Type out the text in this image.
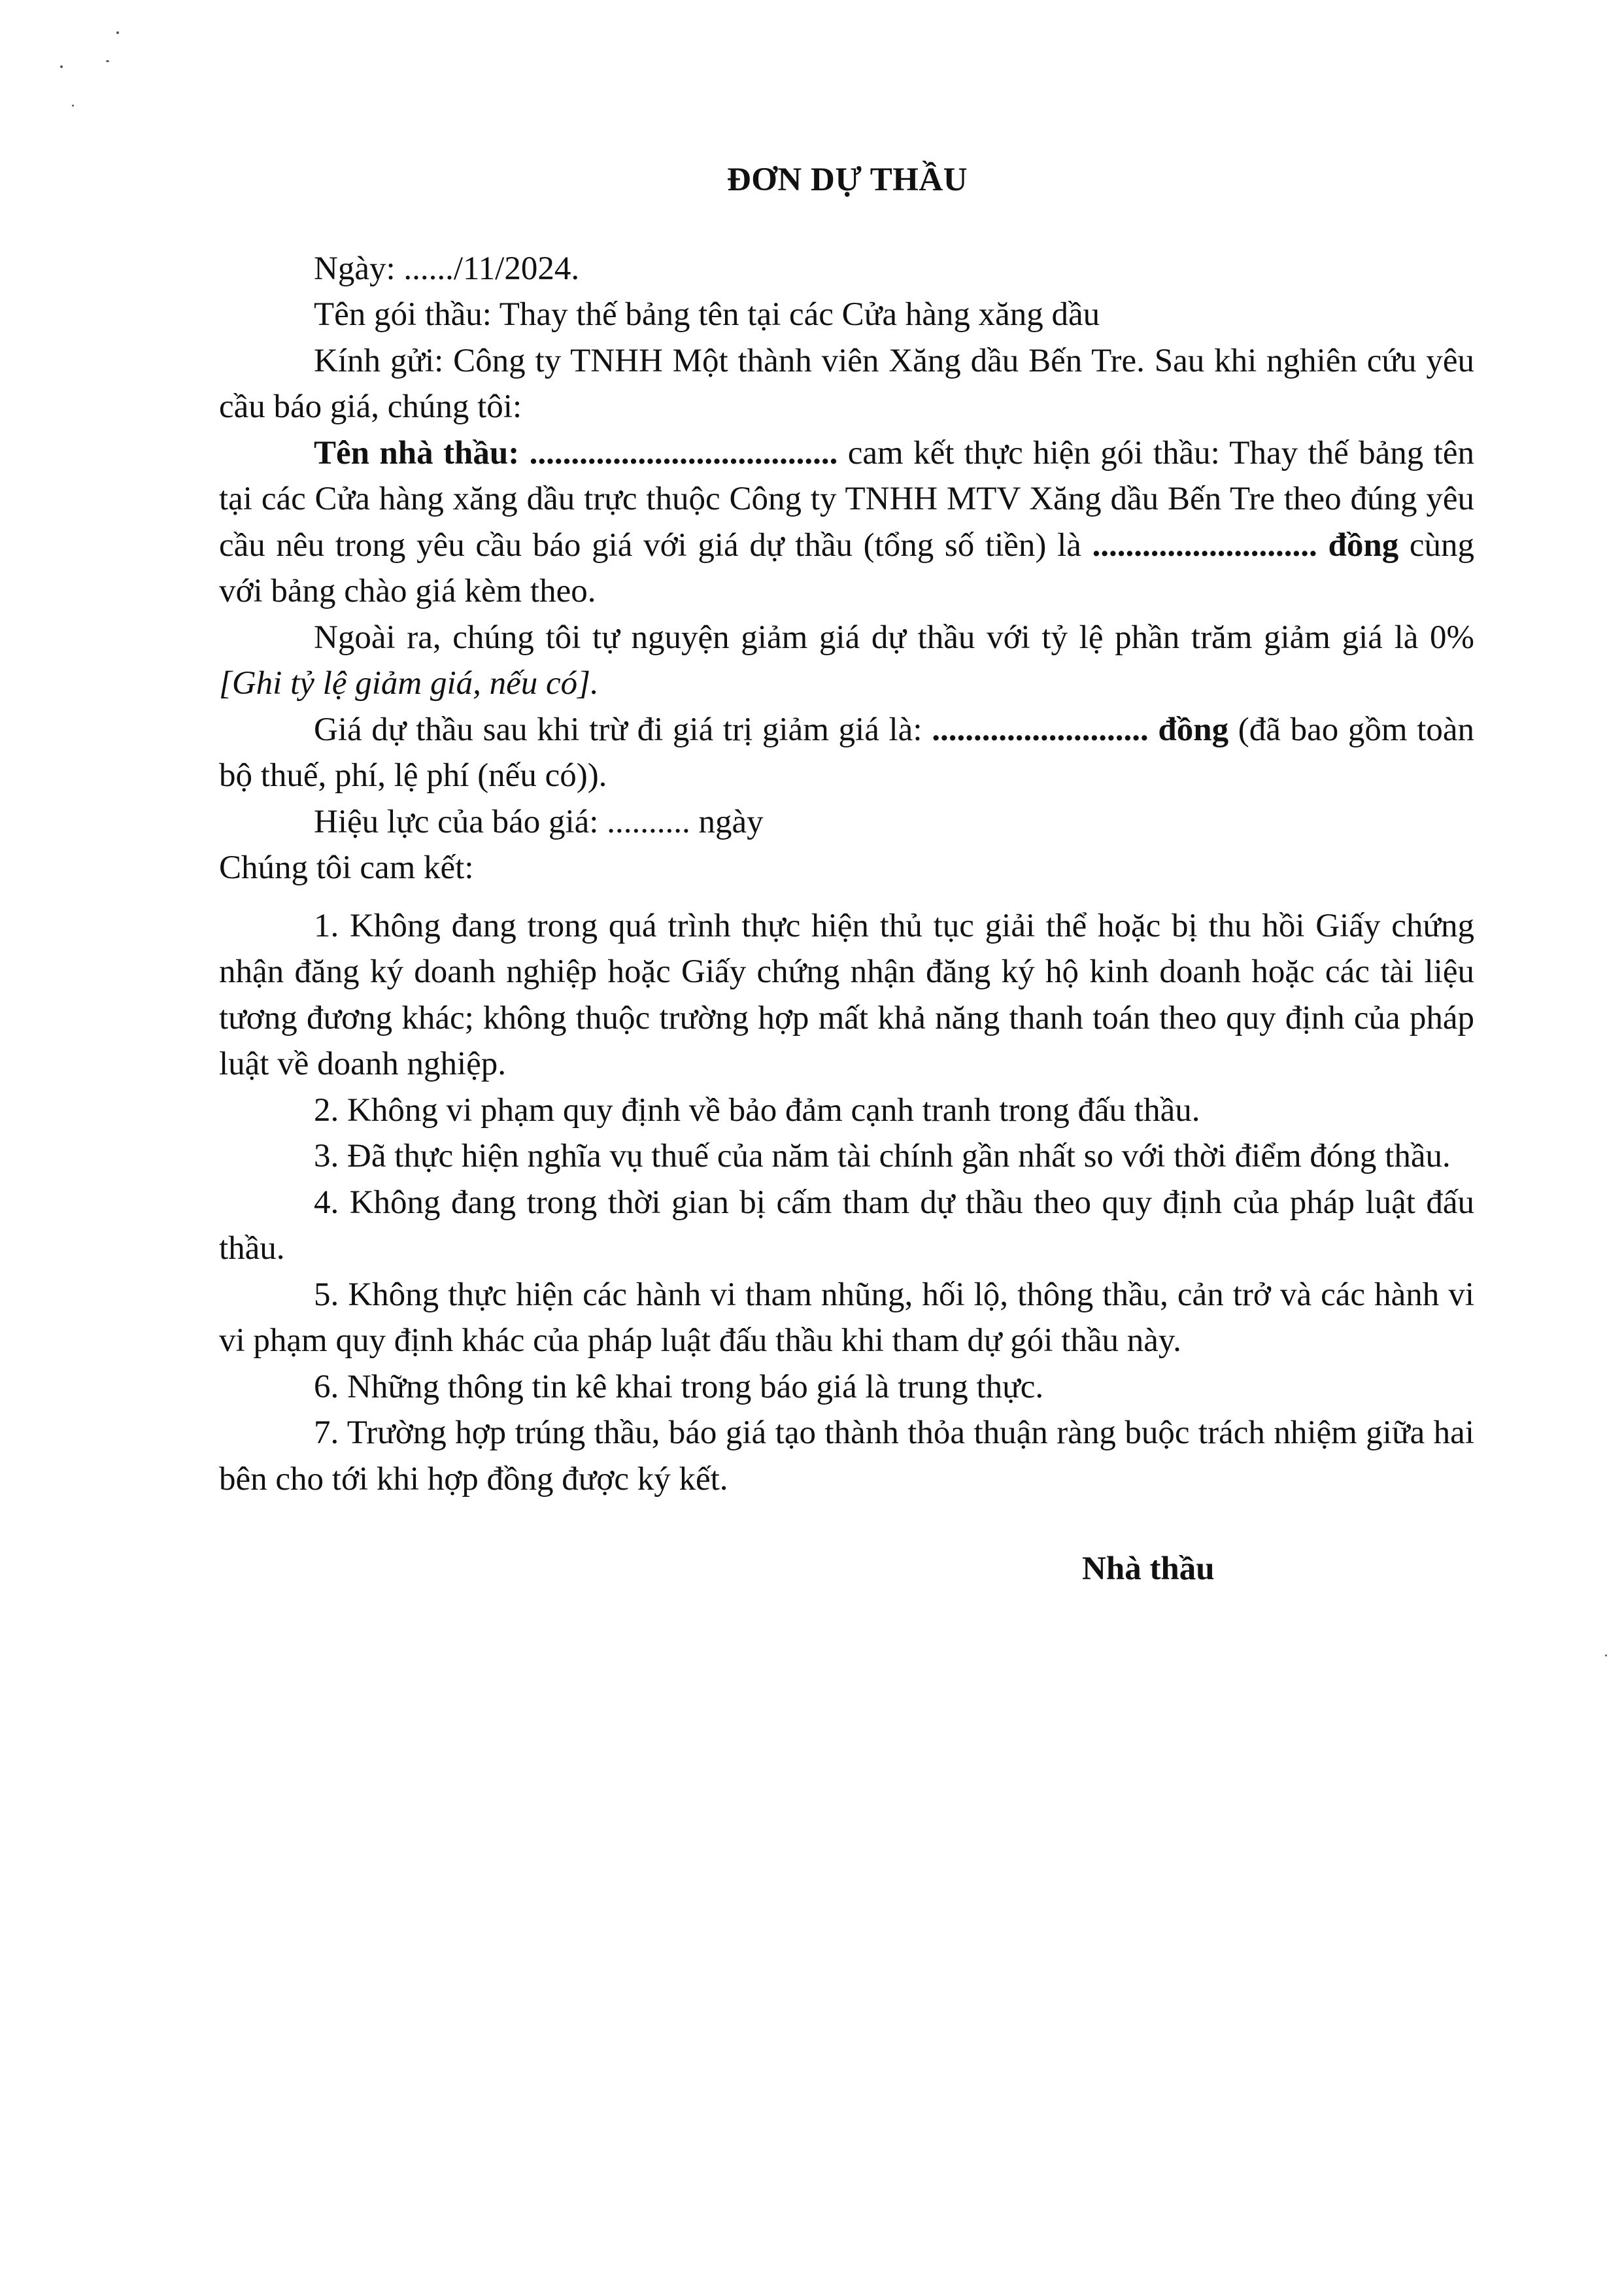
ĐƠN DỰ THẦU

Ngày: ....../11/2024.

Tên gói thầu: Thay thế bảng tên tại các Cửa hàng xăng dầu

Kính gửi: Công ty TNHH Một thành viên Xăng dầu Bến Tre. Sau khi nghiên cứu yêu cầu báo giá, chúng tôi:

Tên nhà thầu: ..................................... cam kết thực hiện gói thầu: Thay thế bảng tên tại các Cửa hàng xăng dầu trực thuộc Công ty TNHH MTV Xăng dầu Bến Tre theo đúng yêu cầu nêu trong yêu cầu báo giá với giá dự thầu (tổng số tiền) là ........................... đồng cùng với bảng chào giá kèm theo.

Ngoài ra, chúng tôi tự nguyện giảm giá dự thầu với tỷ lệ phần trăm giảm giá là 0% [Ghi tỷ lệ giảm giá, nếu có].

Giá dự thầu sau khi trừ đi giá trị giảm giá là: .......................... đồng (đã bao gồm toàn bộ thuế, phí, lệ phí (nếu có)).

Hiệu lực của báo giá: .......... ngày

Chúng tôi cam kết:

1. Không đang trong quá trình thực hiện thủ tục giải thể hoặc bị thu hồi Giấy chứng nhận đăng ký doanh nghiệp hoặc Giấy chứng nhận đăng ký hộ kinh doanh hoặc các tài liệu tương đương khác; không thuộc trường hợp mất khả năng thanh toán theo quy định của pháp luật về doanh nghiệp.

2. Không vi phạm quy định về bảo đảm cạnh tranh trong đấu thầu.

3. Đã thực hiện nghĩa vụ thuế của năm tài chính gần nhất so với thời điểm đóng thầu.

4. Không đang trong thời gian bị cấm tham dự thầu theo quy định của pháp luật đấu thầu.

5. Không thực hiện các hành vi tham nhũng, hối lộ, thông thầu, cản trở và các hành vi vi phạm quy định khác của pháp luật đấu thầu khi tham dự gói thầu này.

6. Những thông tin kê khai trong báo giá là trung thực.

7. Trường hợp trúng thầu, báo giá tạo thành thỏa thuận ràng buộc trách nhiệm giữa hai bên cho tới khi hợp đồng được ký kết.

Nhà thầu
